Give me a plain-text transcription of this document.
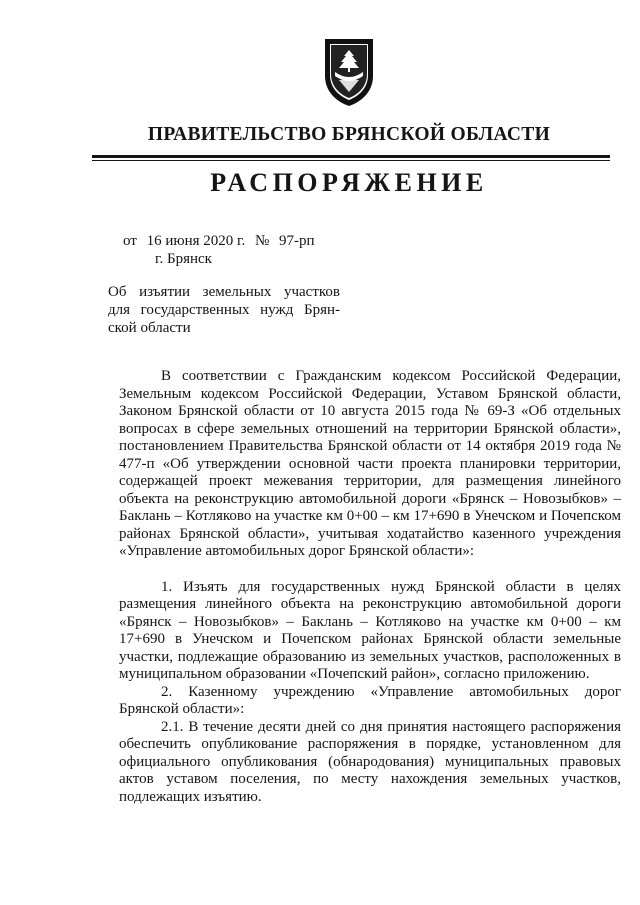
ПРАВИТЕЛЬСТВО БРЯНСКОЙ ОБЛАСТИ
РАСПОРЯЖЕНИЕ
от 16 июня 2020 г. № 97-рп
г. Брянск
Об изъятии земельных участков
для государственных нужд Брян-
ской области
В соответствии с Гражданским кодексом Российской Федерации, Земельным кодексом Российской Федерации, Уставом Брянской области, Законом Брянской области от 10 августа 2015 года № 69-З «Об отдельных вопросах в сфере земельных отношений на территории Брянской области», постановлением Правительства Брянской области от 14 октября 2019 года № 477-п «Об утверждении основной части проекта планировки территории, содержащей проект межевания территории, для размещения линейного объекта на реконструкцию автомобильной дороги «Брянск – Новозыбков» – Баклань – Котляково на участке км 0+00 – км 17+690 в Унечском и Почепском районах Брянской области», учитывая ходатайство казенного учреждения «Управление автомобильных дорог Брянской области»:
1. Изъять для государственных нужд Брянской области в целях размещения линейного объекта на реконструкцию автомобильной дороги «Брянск – Новозыбков» – Баклань – Котляково на участке км 0+00 – км 17+690 в Унечском и Почепском районах Брянской области земельные участки, подлежащие образованию из земельных участков, расположенных в муниципальном образовании «Почепский район», согласно приложению.
2. Казенному учреждению «Управление автомобильных дорог Брянской области»:
2.1. В течение десяти дней со дня принятия настоящего распоряжения обеспечить опубликование распоряжения в порядке, установленном для официального опубликования (обнародования) муниципальных правовых актов уставом поселения, по месту нахождения земельных участков, подлежащих изъятию.
